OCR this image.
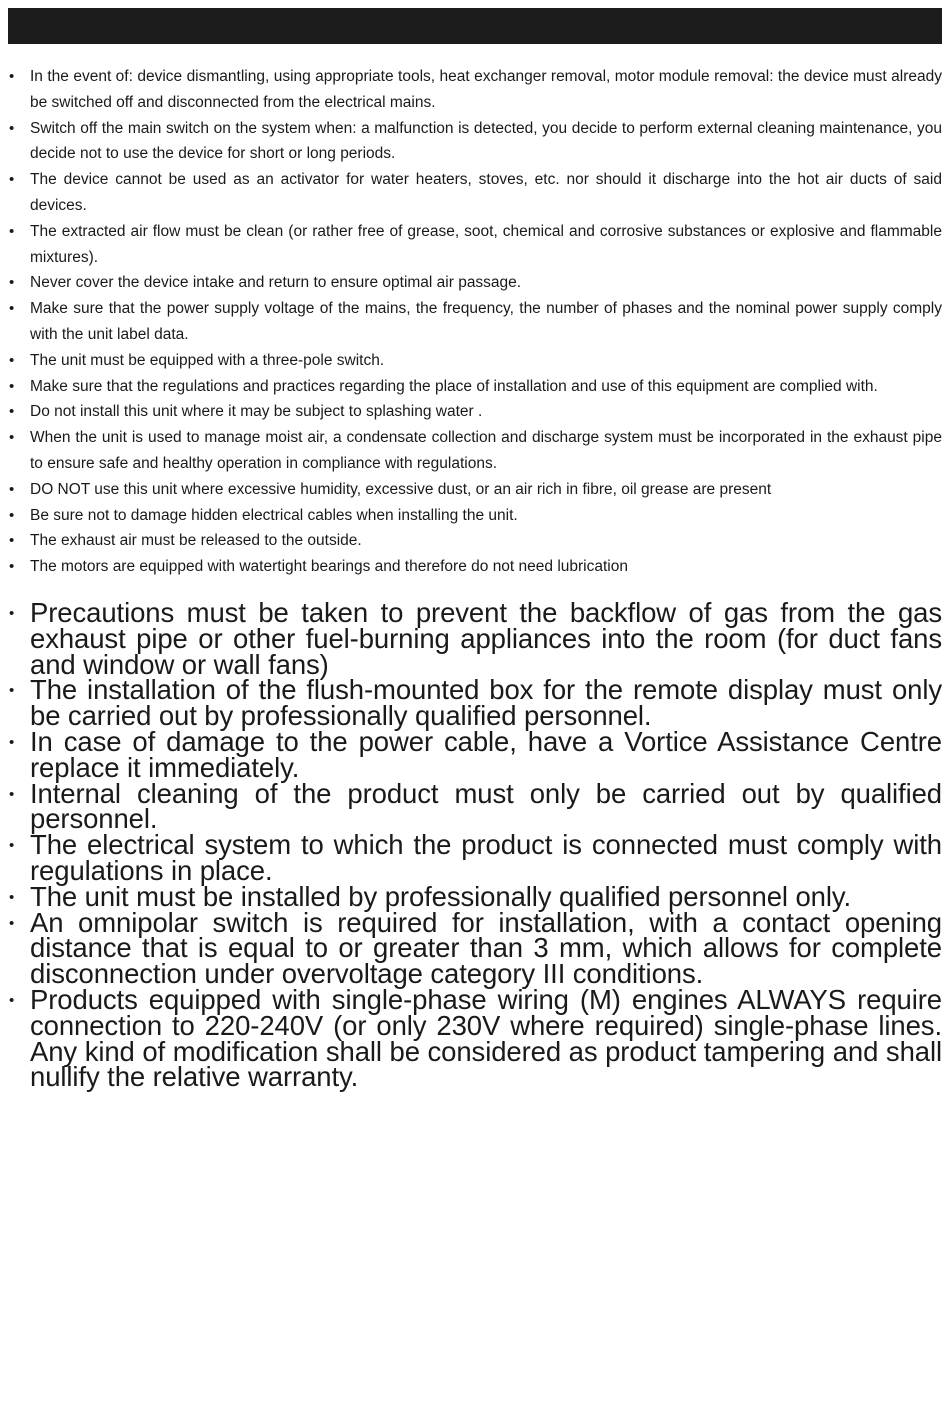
• In the event of: device dismantling, using appropriate tools, heat exchanger removal, motor module removal: the device must already be switched off and disconnected from the electrical mains.
• Switch off the main switch on the system when: a malfunction is detected, you decide to perform external cleaning maintenance, you decide not to use the device for short or long periods.
• The device cannot be used as an activator for water heaters, stoves, etc. nor should it discharge into the hot air ducts of said devices.
• The extracted air flow must be clean (or rather free of grease, soot, chemical and corrosive substances or explosive and flammable mixtures).
• Never cover the device intake and return to ensure optimal air passage.
• Make sure that the power supply voltage of the mains, the frequency, the number of phases and the nominal power supply comply with the unit label data.
• The unit must be equipped with a three-pole switch.
• Make sure that the regulations and practices regarding the place of installation and use of this equipment are complied with.
• Do not install this unit where it may be subject to splashing water .
• When the unit is used to manage moist air, a condensate collection and discharge system must be incorporated in the exhaust pipe to ensure safe and healthy operation in compliance with regulations.
• DO NOT use this unit where excessive humidity, excessive dust, or an air rich in fibre, oil grease are present
• Be sure not to damage hidden electrical cables when installing the unit.
• The exhaust air must be released to the outside.
• The motors are equipped with watertight bearings and therefore do not need lubrication
• Precautions must be taken to prevent the backflow of gas from the gas exhaust pipe or other fuel-burning appliances into the room (for duct fans and window or wall fans)
• The installation of the flush-mounted box for the remote display must only be carried out by professionally qualified personnel.
• In case of damage to the power cable, have a Vortice Assistance Centre replace it immediately.
• Internal cleaning of the product must only be carried out by qualified personnel.
• The electrical system to which the product is connected must comply with regulations in place.
• The unit must be installed by professionally qualified personnel only.
• An omnipolar switch is required for installation, with a contact opening distance that is equal to or greater than 3 mm, which allows for complete disconnection under overvoltage category III conditions.
• Products equipped with single-phase wiring (M) engines ALWAYS require connection to 220-240V (or only 230V where required) single-phase lines. Any kind of modification shall be considered as product tampering and shall nullify the relative warranty.
